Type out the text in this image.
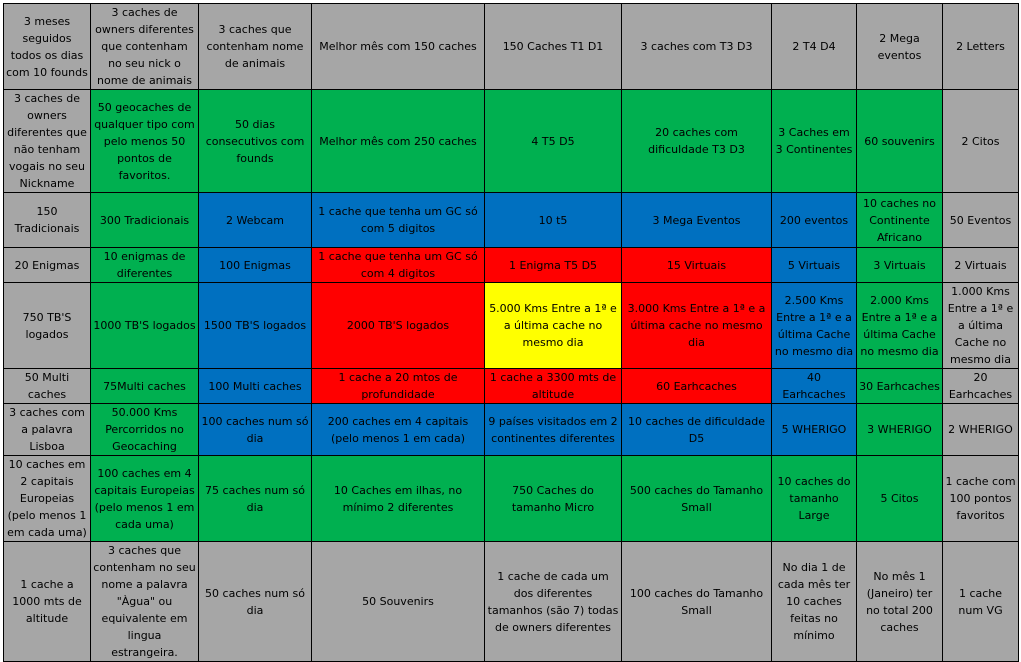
3 meses seguidos todos os dias com 10 founds	3 caches de owners diferentes que contenham no seu nick o nome de animais	3 caches que contenham nome de animais	Melhor mês com 150 caches	150 Caches T1 D1	3 caches com T3 D3	2 T4 D4	2 Mega eventos	2 Letters
3 caches de owners diferentes que não tenham vogais no seu Nickname	50 geocaches de qualquer tipo com pelo menos 50 pontos de favoritos.	50 dias consecutivos com founds	Melhor mês com 250 caches	4 T5 D5	20 caches com dificuldade T3 D3	3 Caches em 3 Continentes	60 souvenirs	2 Citos
150 Tradicionais	300 Tradicionais	2 Webcam	1 cache que tenha um GC só com 5 digitos	10 t5	3 Mega Eventos	200 eventos	10 caches no Continente Africano	50 Eventos
20 Enigmas	10 enigmas de diferentes	100 Enigmas	1 cache que tenha um GC só com 4 digitos	1 Enigma T5 D5	15 Virtuais	5 Virtuais	3 Virtuais	2 Virtuais
750 TB'S logados	1000 TB'S logados	1500 TB'S logados	2000 TB'S logados	5.000 Kms Entre a 1ª e a última cache no mesmo dia	3.000 Kms Entre a 1ª e a última cache no mesmo dia	2.500 Kms Entre a 1ª e a última Cache no mesmo dia	2.000 Kms Entre a 1ª e a última Cache no mesmo dia	1.000 Kms Entre a 1ª e a última Cache no mesmo dia
50 Multi caches	75Multi caches	100 Multi caches	1 cache a 20 mtos de profundidade	1 cache a 3300 mts de altitude	60 Earhcaches	40 Earhcaches	30 Earhcaches	20 Earhcaches
3 caches com a palavra Lisboa	50.000 Kms Percorridos no Geocaching	100 caches num só dia	200 caches em 4 capitais (pelo menos 1 em cada)	9 países visitados em 2 continentes diferentes	10 caches de dificuldade D5	5 WHERIGO	3 WHERIGO	2 WHERIGO
10 caches em 2 capitais Europeias (pelo menos 1 em cada uma)	100 caches em 4 capitais Europeias (pelo menos 1 em cada uma)	75 caches num só dia	10 Caches em ilhas, no mínimo 2 diferentes	750 Caches do tamanho Micro	500 caches do Tamanho Small	10 caches do tamanho Large	5 Citos	1 cache com 100 pontos favoritos
1 cache a 1000 mts de altitude	3 caches que contenham no seu nome a palavra "Àgua" ou equivalente em lingua estrangeira.	50 caches num só dia	50 Souvenirs	1 cache de cada um dos diferentes tamanhos (são 7) todas de owners diferentes	100 caches do Tamanho Small	No dia 1 de cada mês ter 10 caches feitas no mínimo	No mês 1 (Janeiro) ter no total 200 caches	1 cache num VG
